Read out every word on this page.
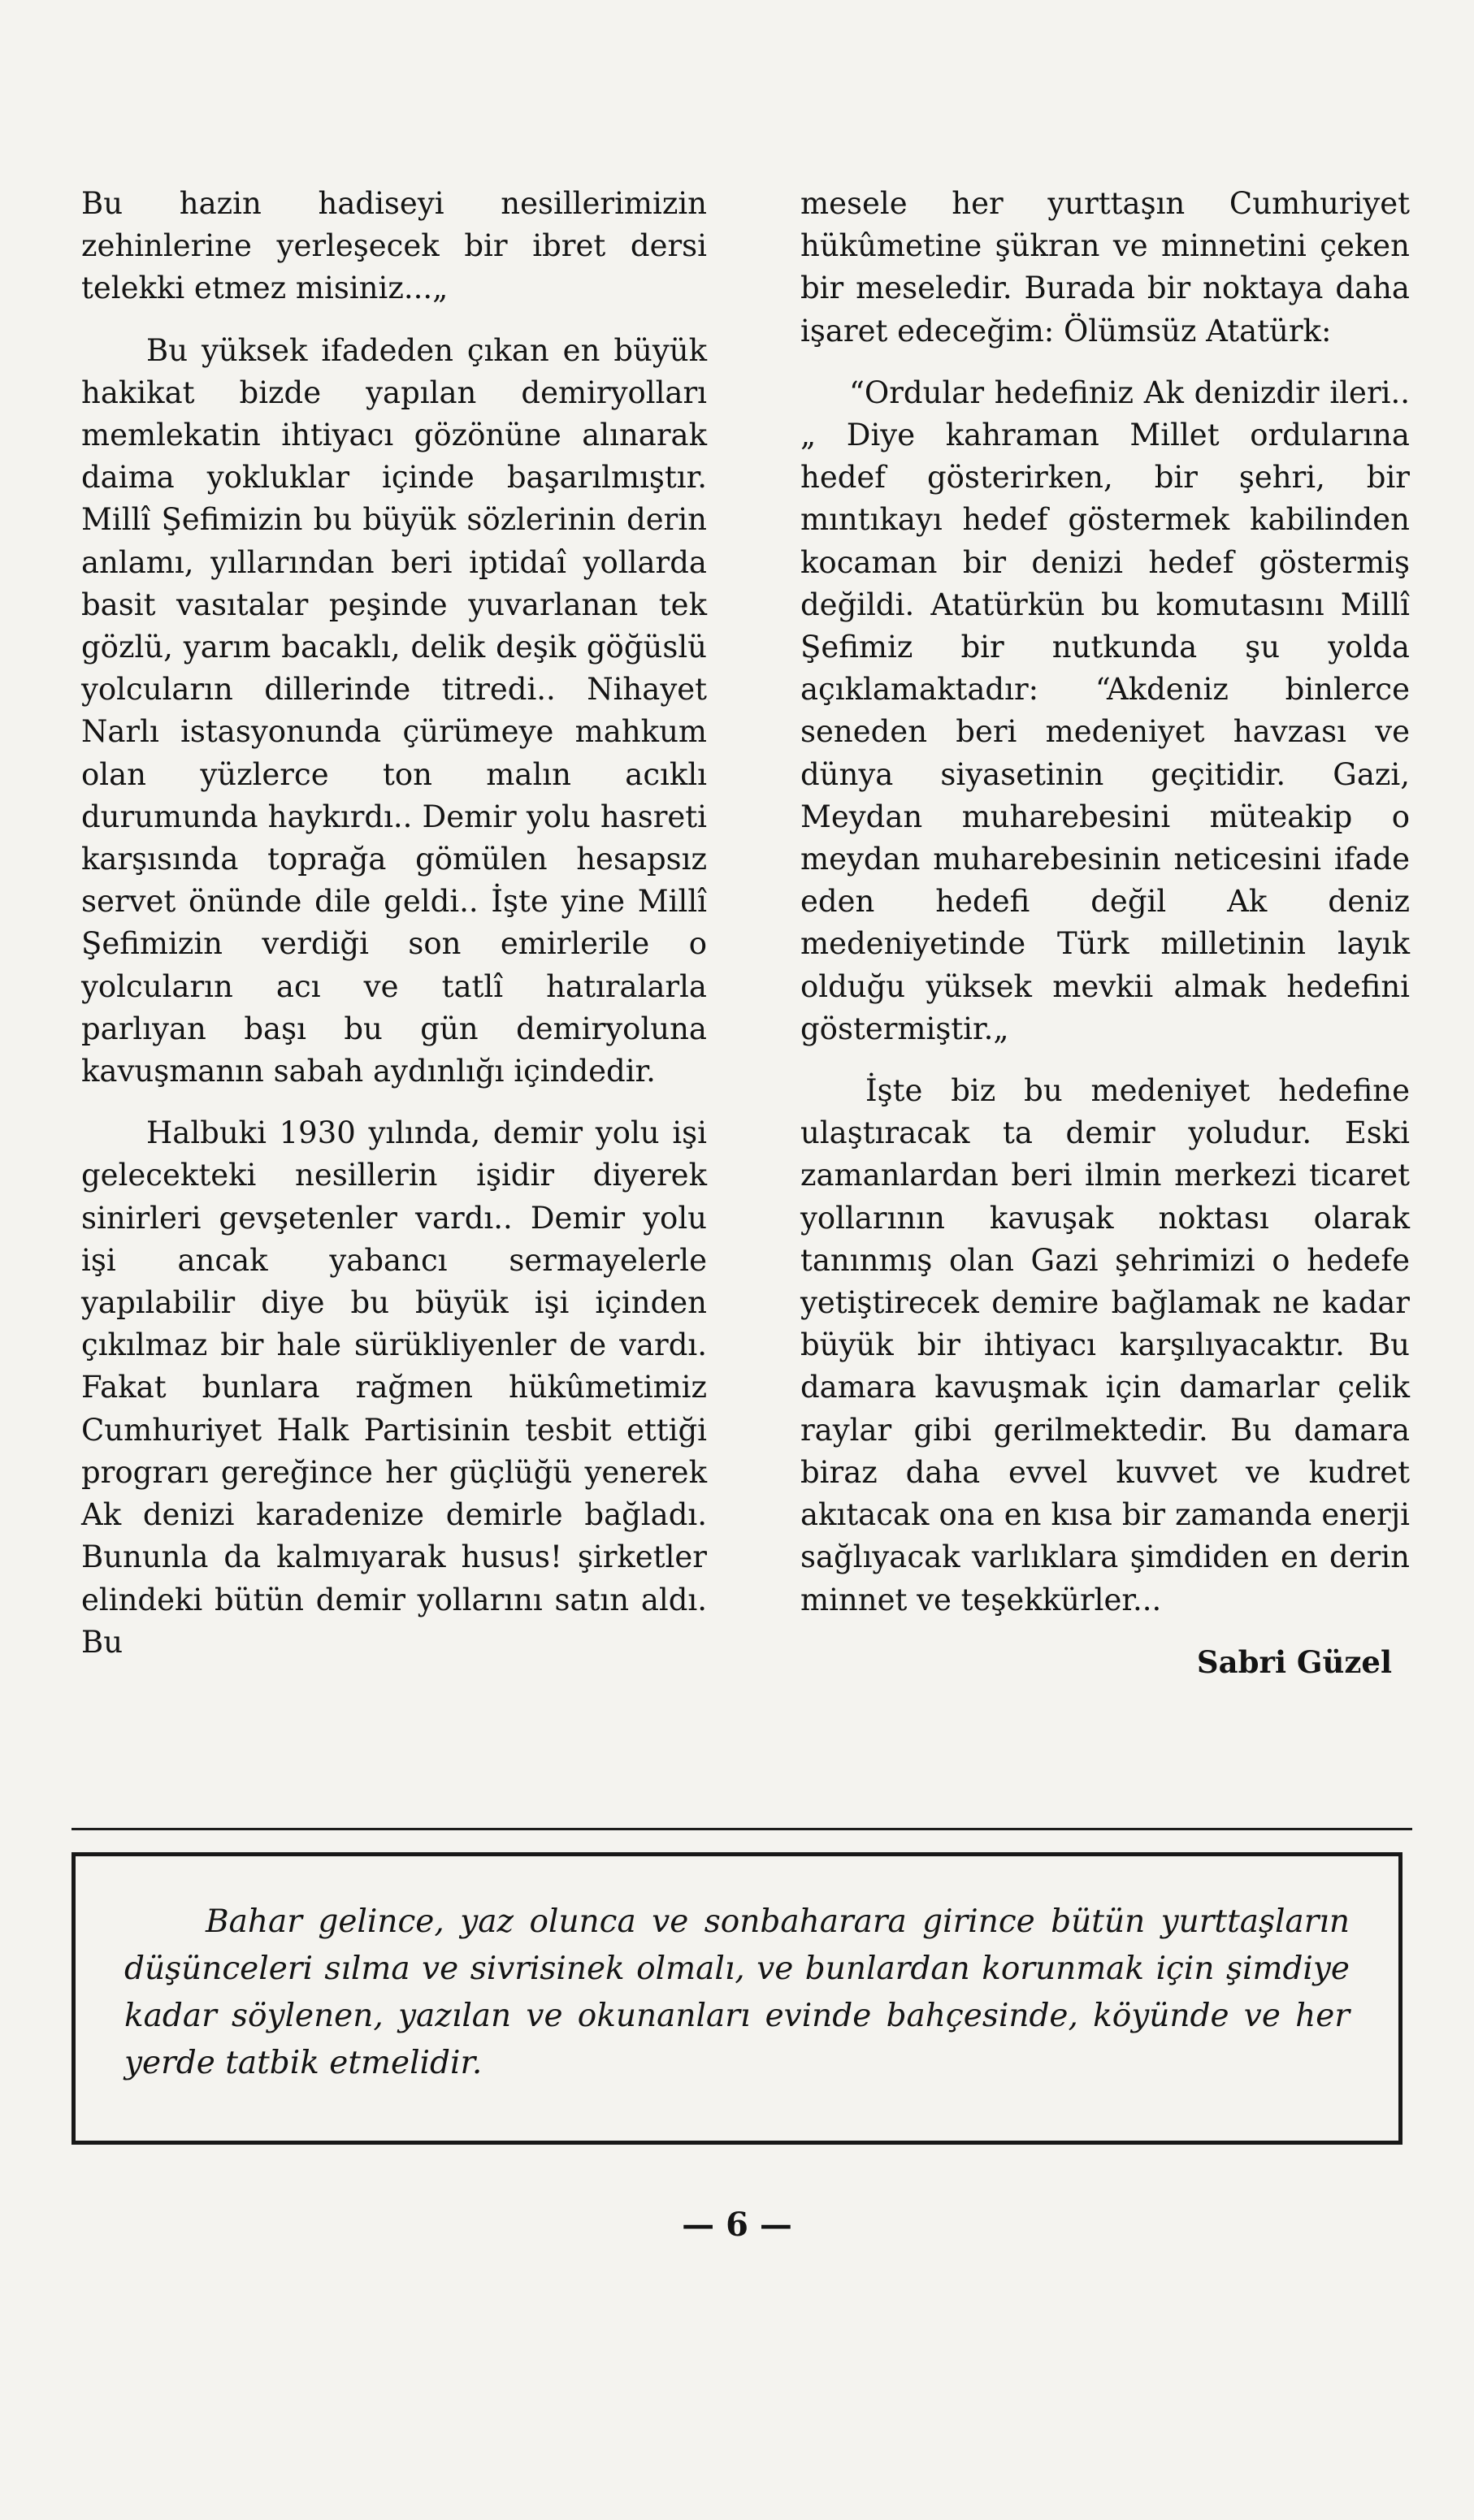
Bu hazin hadiseyi nesillerimizin zehinlerine yerleşecek bir ibret dersi telekki etmez misiniz...„

Bu yüksek ifadeden çıkan en büyük hakikat bizde yapılan demiryolları memlekatin ihtiyacı gözönüne alınarak daima yokluklar içinde başarılmıştır. Millî Şefimizin bu büyük sözlerinin derin anlamı, yıllarından beri iptidaî yollarda basit vasıtalar peşinde yuvarlanan tek gözlü, yarım bacaklı, delik deşik göğüslü yolcuların dillerinde titredi.. Nihayet Narlı istasyonunda çürümeye mahkum olan yüzlerce ton malın acıklı durumunda haykırdı.. Demir yolu hasreti karşısında toprağa gömülen hesapsız servet önünde dile geldi.. İşte yine Millî Şefimizin verdiği son emirlerile o yolcuların acı ve tatlî hatıralarla parlıyan başı bu gün demiryoluna kavuşmanın sabah aydınlığı içindedir.

Halbuki 1930 yılında, demir yolu işi gelecekteki nesillerin işidir diyerek sinirleri gevşetenler vardı.. Demir yolu işi ancak yabancı sermayelerle yapılabilir diye bu büyük işi içinden çıkılmaz bir hale sürükliyenler de vardı. Fakat bunlara rağmen hükûmetimiz Cumhuriyet Halk Partisinin tesbit ettiği prograrı gereğince her güçlüğü yenerek Ak denizi karadenize demirle bağladı. Bununla da kalmıyarak husus! şirketler elindeki bütün demir yollarını satın aldı. Bu

mesele her yurttaşın Cumhuriyet hükûmetine şükran ve minnetini çeken bir meseledir. Burada bir noktaya daha işaret edeceğim: Ölümsüz Atatürk:

“Ordular hedefiniz Ak denizdir ileri..„ Diye kahraman Millet ordularına hedef gösterirken, bir şehri, bir mıntıkayı hedef göstermek kabilinden kocaman bir denizi hedef göstermiş değildi. Atatürkün bu komutasını Millî Şefimiz bir nutkunda şu yolda açıklamaktadır: “Akdeniz binlerce seneden beri medeniyet havzası ve dünya siyasetinin geçitidir. Gazi, Meydan muharebesini müteakip o meydan muharebesinin neticesini ifade eden hedefi değil Ak deniz medeniyetinde Türk milletinin layık olduğu yüksek mevkii almak hedefini göstermiştir.„

İşte biz bu medeniyet hedefine ulaştıracak ta demir yoludur. Eski zamanlardan beri ilmin merkezi ticaret yollarının kavuşak noktası olarak tanınmış olan Gazi şehrimizi o hedefe yetiştirecek demire bağlamak ne kadar büyük bir ihtiyacı karşılıyacaktır. Bu damara kavuşmak için damarlar çelik raylar gibi gerilmektedir. Bu damara biraz daha evvel kuvvet ve kudret akıtacak ona en kısa bir zamanda enerji sağlıyacak varlıklara şimdiden en derin minnet ve teşekkürler...

Sabri Güzel

Bahar gelince, yaz olunca ve sonbaharara girince bütün yurttaşların düşünceleri sılma ve sivrisinek olmalı, ve bunlardan korunmak için şimdiye kadar söylenen, yazılan ve okunanları evinde bahçesinde, köyünde ve her yerde tatbik etmelidir.

— 6 —
